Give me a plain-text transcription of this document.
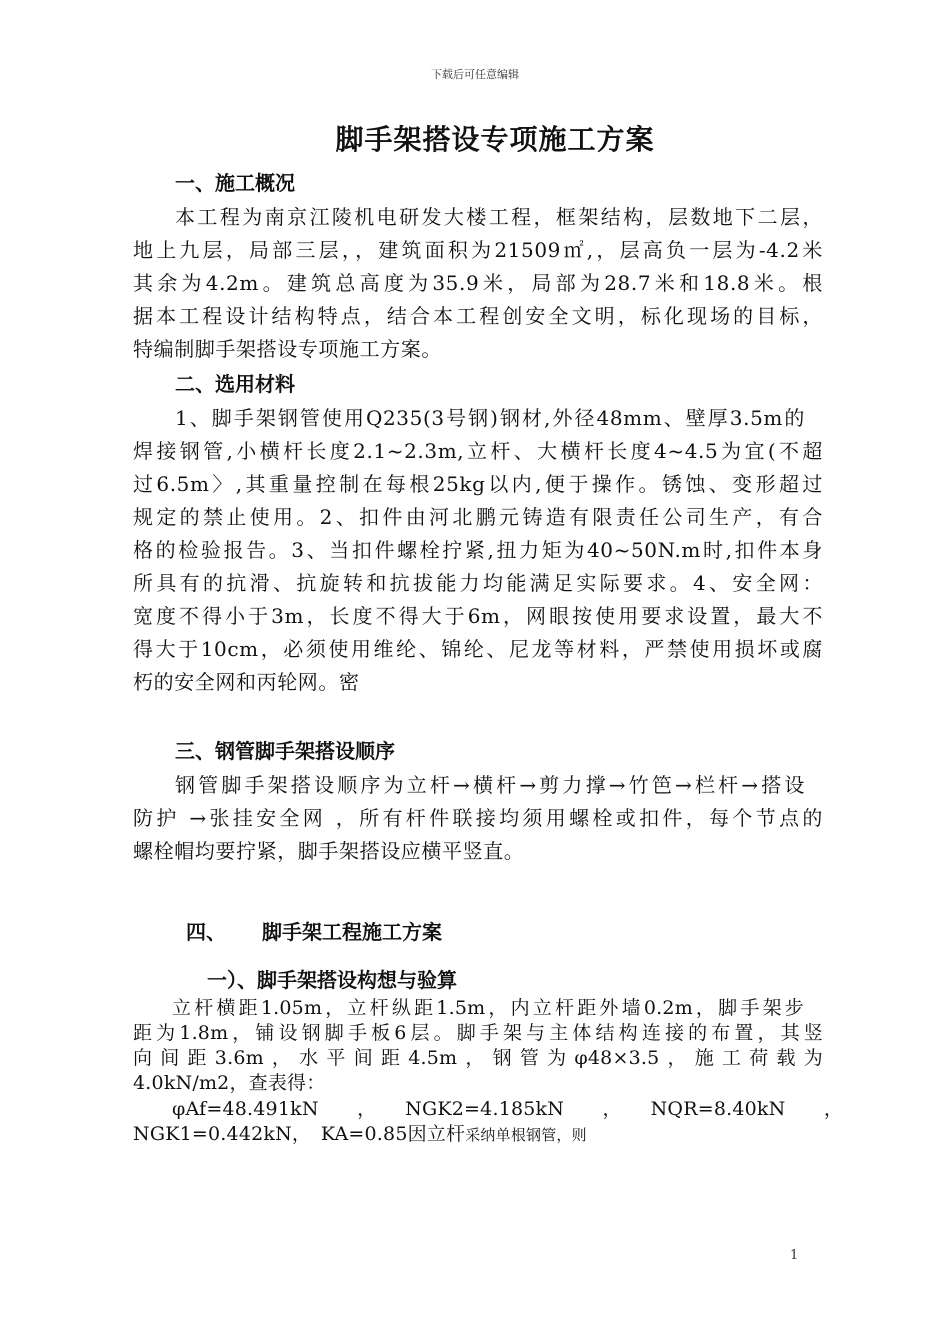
下载后可任意编辑
脚手架搭设专项施工方案
一、施工概况
本工程为南京江陵机电研发大楼工程，框架结构，层数地下二层，
地上九层，局部三层，，建筑面积为21509㎡,，层高负一层为-4.2米
其余为4.2m。建筑总高度为35.9米，局部为28.7米和18.8米。根
据本工程设计结构特点，结合本工程创安全文明，标化现场的目标，
特编制脚手架搭设专项施工方案。
二、选用材料
1、脚手架钢管使用Q235(3号钢)钢材,外径48mm、壁厚3.5m的
焊接钢管,小横杆长度2.1~2.3m,立杆、大横杆长度4~4.5为宜(不超
过6.5m〉,其重量控制在每根25kg以内,便于操作。锈蚀、变形超过
规定的禁止使用。2、扣件由河北鹏元铸造有限责任公司生产，有合
格的检验报告。3、当扣件螺栓拧紧,扭力矩为40~50N.m时,扣件本身
所具有的抗滑、抗旋转和抗拔能力均能满足实际要求。4、安全网：
宽度不得小于3m，长度不得大于6m，网眼按使用要求设置，最大不
得大于10cm，必须使用维纶、锦纶、尼龙等材料，严禁使用损坏或腐
朽的安全网和丙轮网。密
三、钢管脚手架搭设顺序
钢管脚手架搭设顺序为立杆→横杆→剪力撑→竹笆→栏杆→搭设
防护 →张挂安全网 ，所有杆件联接均须用螺栓或扣件，每个节点的
螺栓帽均要拧紧，脚手架搭设应横平竖直。
四、 脚手架工程施工方案
一）、脚手架搭设构想与验算
立杆横距1.05m，立杆纵距1.5m，内立杆距外墙0.2m，脚手架步
距为1.8m，铺设钢脚手板6层。脚手架与主体结构连接的布置，其竖
向间距3.6m，水平间距4.5m，钢管为φ48×3.5，施工荷载为
4.0kN/m2，查表得：
φAf=48.491kN　　，　　NGK2=4.185kN　　，　　NQR=8.40kN　　，
NGK1=0.442kN，　KA=0.85因立杆采纳单根钢管，则
1
